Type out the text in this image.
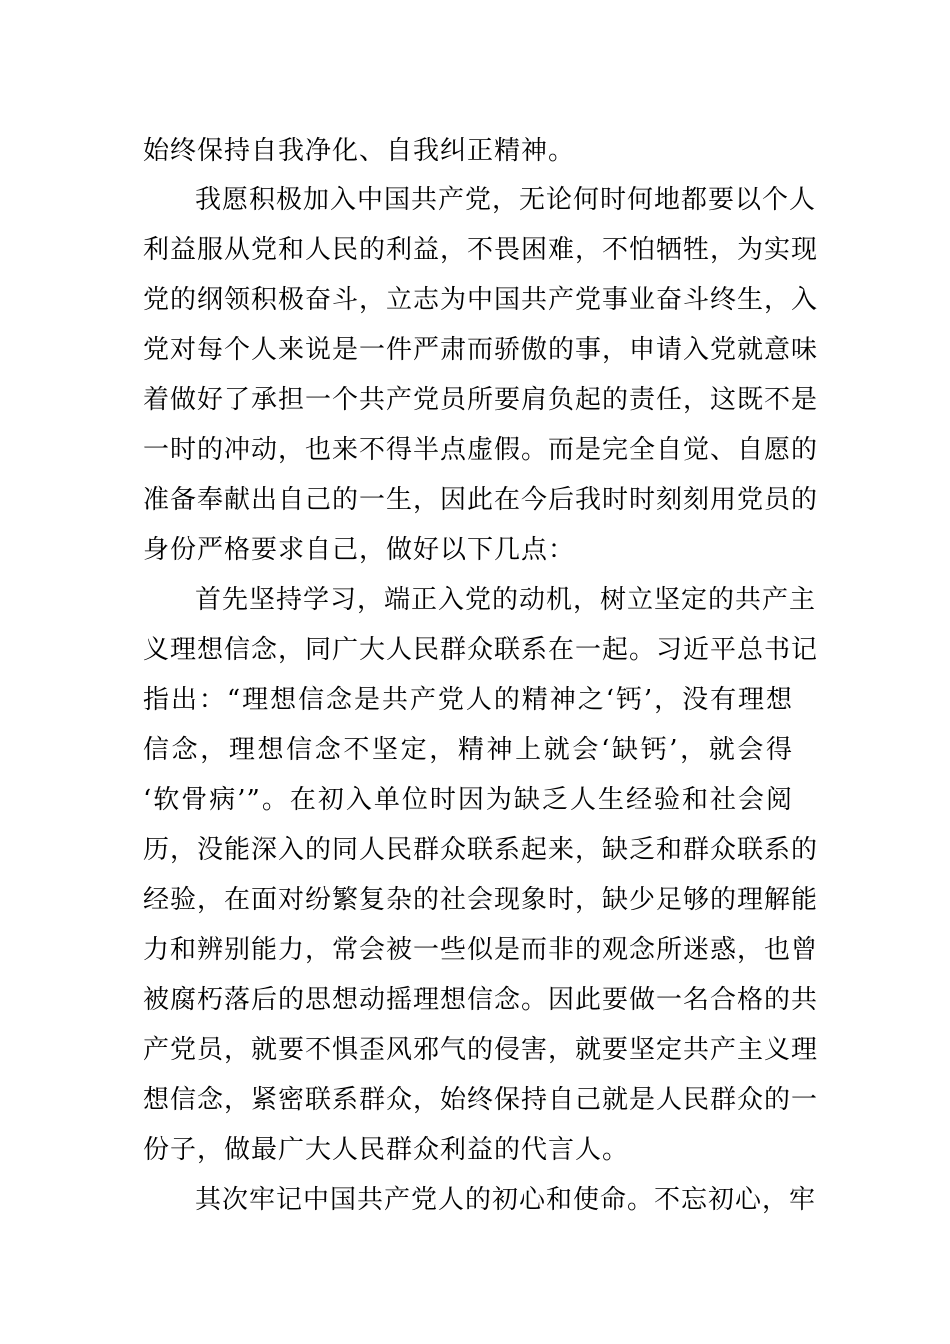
始终保持自我净化、自我纠正精神。
我愿积极加入中国共产党，无论何时何地都要以个人
利益服从党和人民的利益，不畏困难，不怕牺牲，为实现
党的纲领积极奋斗，立志为中国共产党事业奋斗终生，入
党对每个人来说是一件严肃而骄傲的事，申请入党就意味
着做好了承担一个共产党员所要肩负起的责任，这既不是
一时的冲动，也来不得半点虚假。而是完全自觉、自愿的
准备奉献出自己的一生，因此在今后我时时刻刻用党员的
身份严格要求自己，做好以下几点：
首先坚持学习，端正入党的动机，树立坚定的共产主
义理想信念，同广大人民群众联系在一起。习近平总书记
指出：“理想信念是共产党人的精神之‘钙’，没有理想
信念，理想信念不坚定，精神上就会‘缺钙’，就会得
‘软骨病’”。在初入单位时因为缺乏人生经验和社会阅
历，没能深入的同人民群众联系起来，缺乏和群众联系的
经验，在面对纷繁复杂的社会现象时，缺少足够的理解能
力和辨别能力，常会被一些似是而非的观念所迷惑，也曾
被腐朽落后的思想动摇理想信念。因此要做一名合格的共
产党员，就要不惧歪风邪气的侵害，就要坚定共产主义理
想信念，紧密联系群众，始终保持自己就是人民群众的一
份子，做最广大人民群众利益的代言人。
其次牢记中国共产党人的初心和使命。不忘初心，牢
